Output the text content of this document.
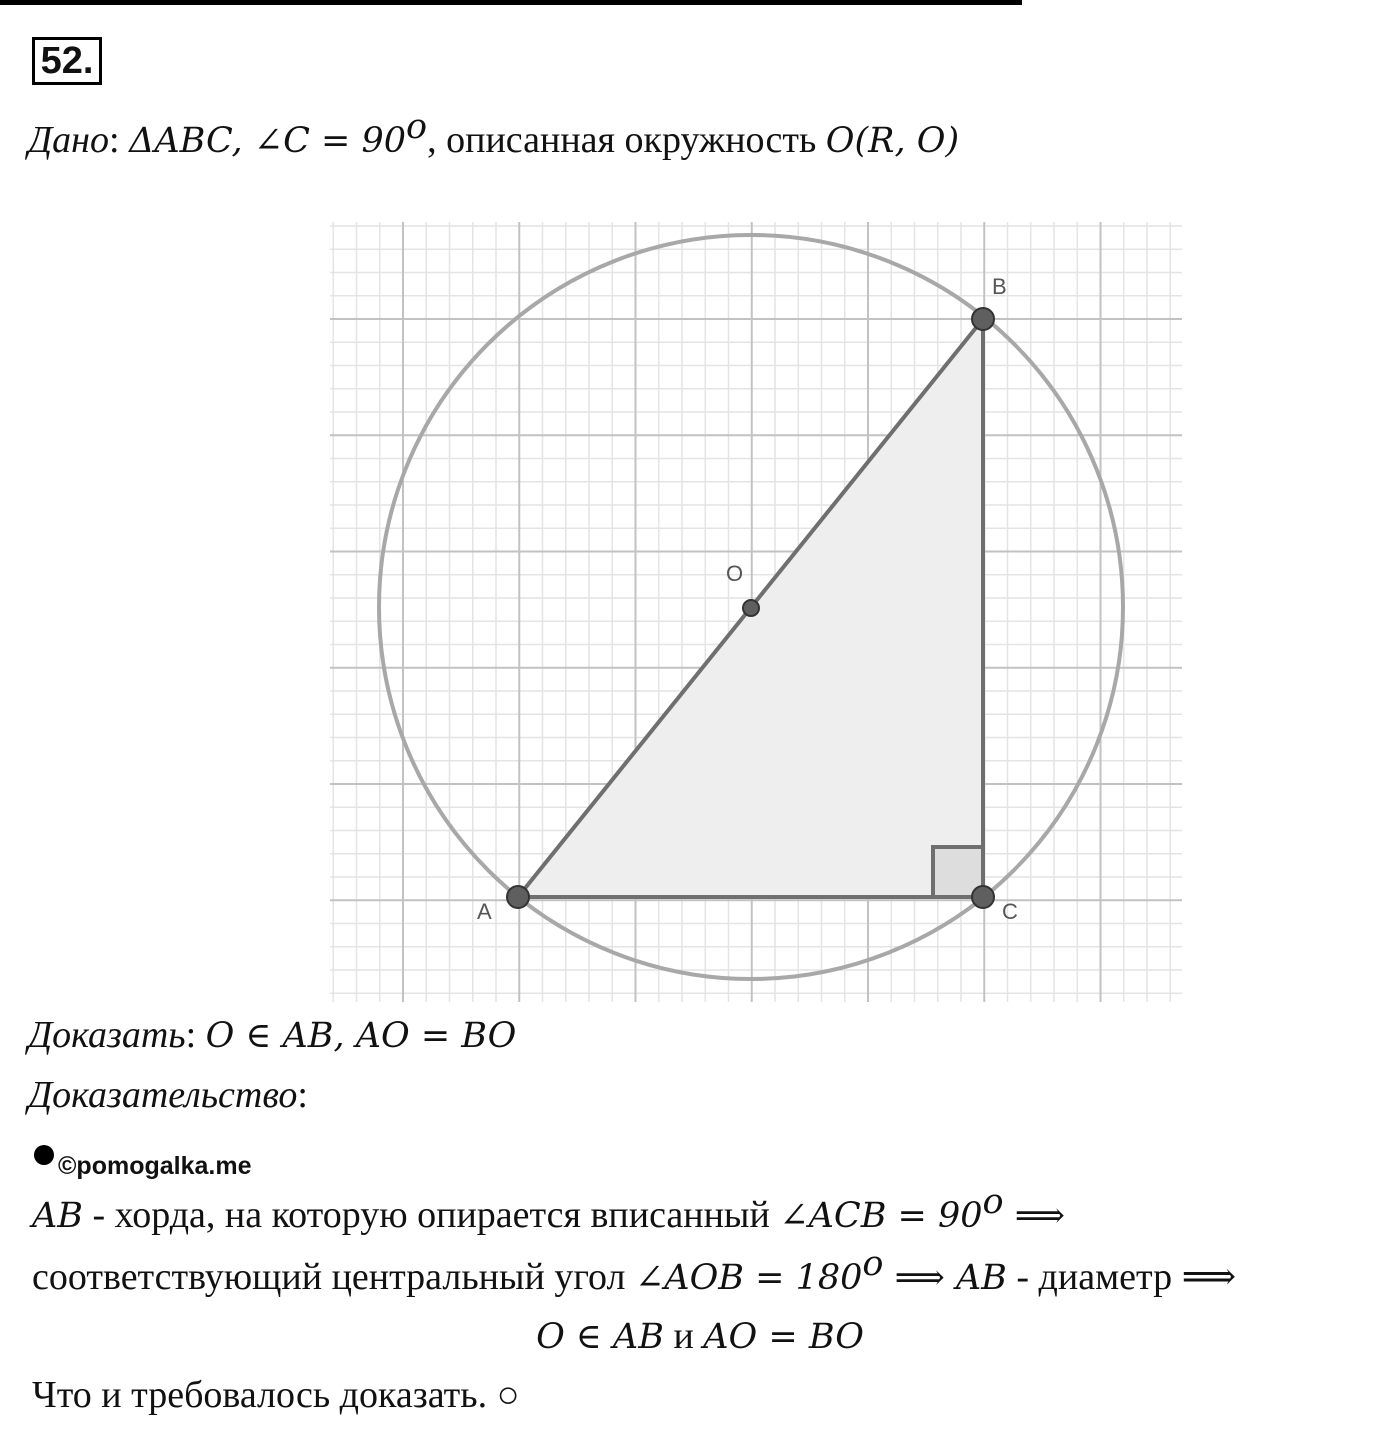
52.
Дано: ΔABC, ∠C = $90^o$, описанная окружность O(R, O)
A
B
C
O
Доказать: O ∈ AB, AO = BO
Доказательство:
©pomogalka.me
AB - хорда, на которую опирается вписанный ∠ACB = $90^o$ ⟹
соответствующий центральный угол ∠AOB = $180^o$ ⟹ AB - диаметр ⟹
O ∈ AB и AO = BO
Что и требовалось доказать. ○
